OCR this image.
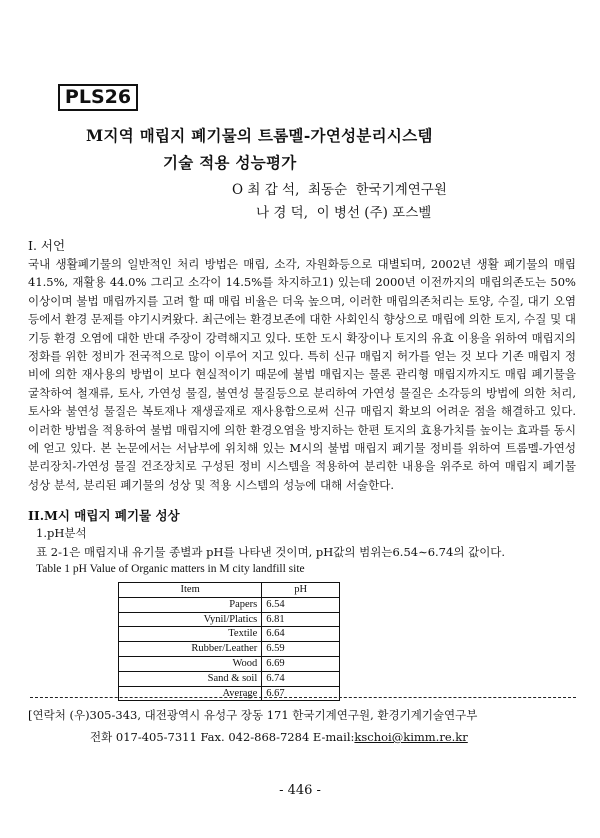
PLS26
M지역 매립지 폐기물의 트롬멜-가연성분리시스템
기술 적용 성능평가
O 최 갑 석,  최동순  한국기계연구원
나 경 덕,  이 병선 (주) 포스벨
I. 서언

국내 생활폐기물의 일반적인 처리 방법은 매립, 소각, 자원화등으로 대별되며, 2002년 생활 폐기물의 매립 41.5%, 재활용 44.0% 그리고 소각이 14.5%를 차지하고1) 있는데 2000년 이전까지의 매립의존도는 50%이상이며 불법 매립까지를 고려 할 때 매립 비율은 더욱 높으며, 이러한 매립의존처리는 토양, 수질, 대기 오염등에서 환경 문제를 야기시켜왔다. 최근에는 환경보존에 대한 사회인식 향상으로 매립에 의한 토지, 수질 및 대기등 환경 오염에 대한 반대 주장이 강력해지고 있다. 또한 도시 확장이나 토지의 유효 이용을 위하여 매립지의 정화를 위한 정비가 전국적으로 많이 이루어 지고 있다. 특히 신규 매립지 허가를 얻는 것 보다 기존 매립지 정비에 의한 재사용의 방법이 보다 현실적이기 때문에 불법 매립지는 물론 관리형 매립지까지도 매립 폐기물을 굴착하여 철재류, 토사, 가연성 물질, 불연성 물질등으로 분리하여 가연성 물질은 소각등의 방법에 의한 처리, 토사와 불연성 물질은 복토재나 재생골재로 재사용함으로써 신규 매립지 확보의 어려운 점을 해결하고 있다. 이러한 방법을 적용하여 불법 매립지에 의한 환경오염을 방지하는 한편 토지의 효용가치를 높이는 효과를 동시에 얻고 있다. 본 논문에서는 서남부에 위치해 있는 M시의 불법 매립지 폐기물 정비를 위하여 트롬멜-가연성 분리장치-가연성 물질 건조장치로 구성된 정비 시스템을 적용하여 분리한 내용을 위주로 하여 매립지 폐기물 성상 분석, 분리된 폐기물의 성상 및 적용 시스템의 성능에 대해 서술한다.

II.M시 매립지 폐기물 성상
1.pH분석
표 2-1은 매립지내 유기물 종별과 pH를 나타낸 것이며, pH값의 범위는6.54∼6.74의 값이다.
Table 1 pH Value of Organic matters in M city landfill site
Item	pH
Papers	6.54
Vynil/Platics	6.81
Textile	6.64
Rubber/Leather	6.59
Wood	6.69
Sand & soil	6.74
Average	6.67
[연락처 (우)305-343, 대전광역시 유성구 장동 171 한국기계연구원, 환경기계기술연구부
전화 017-405-7311 Fax. 042-868-7284 E-mail:kschoi@kimm.re.kr
- 446 -
